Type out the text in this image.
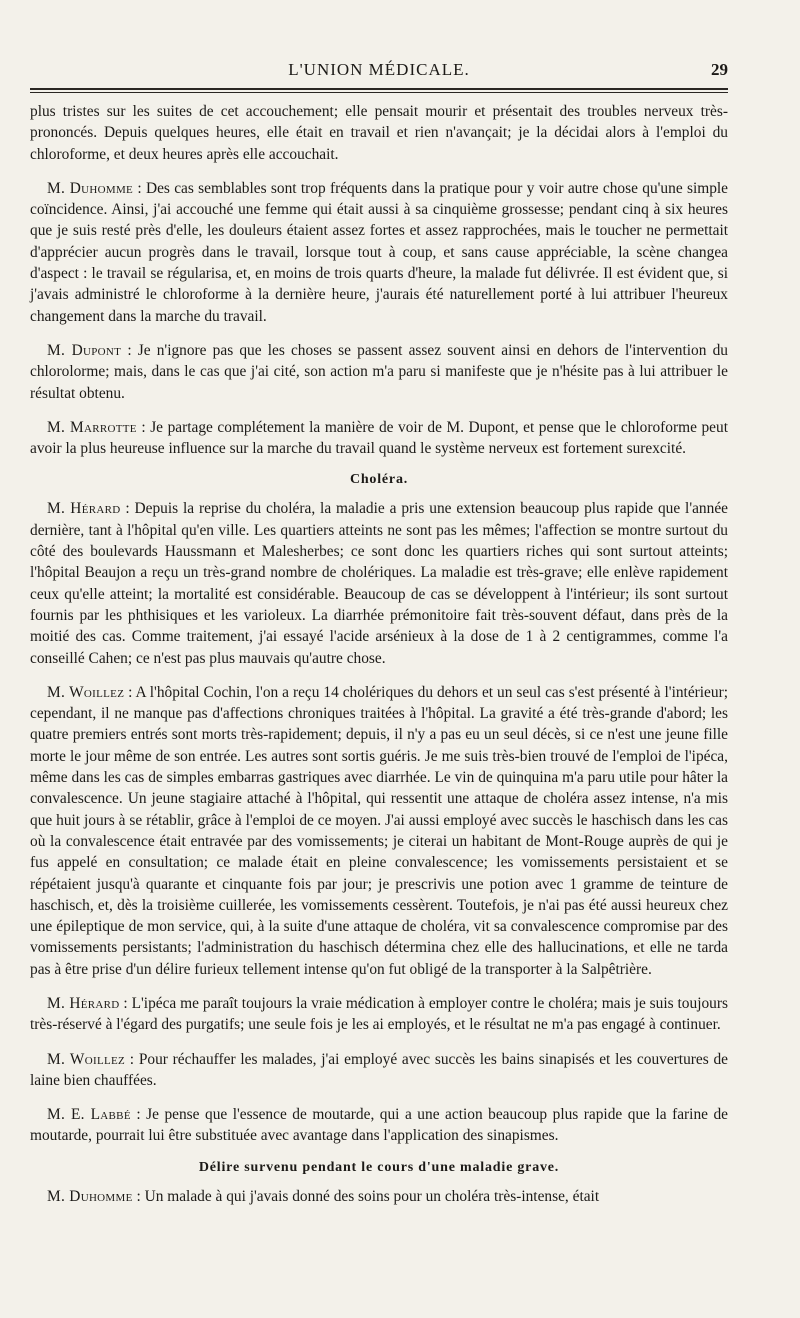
L'UNION MÉDICALE.	29

plus tristes sur les suites de cet accouchement; elle pensait mourir et présentait des troubles nerveux très-prononcés. Depuis quelques heures, elle était en travail et rien n'avançait; je la décidai alors à l'emploi du chloroforme, et deux heures après elle accouchait.

M. Duhomme : Des cas semblables sont trop fréquents dans la pratique pour y voir autre chose qu'une simple coïncidence. Ainsi, j'ai accouché une femme qui était aussi à sa cinquième grossesse; pendant cinq à six heures que je suis resté près d'elle, les douleurs étaient assez fortes et assez rapprochées, mais le toucher ne permettait d'apprécier aucun progrès dans le travail, lorsque tout à coup, et sans cause appréciable, la scène changea d'aspect : le travail se régularisa, et, en moins de trois quarts d'heure, la malade fut délivrée. Il est évident que, si j'avais administré le chloroforme à la dernière heure, j'aurais été naturellement porté à lui attribuer l'heureux changement dans la marche du travail.

M. Dupont : Je n'ignore pas que les choses se passent assez souvent ainsi en dehors de l'intervention du chlorolorme; mais, dans le cas que j'ai cité, son action m'a paru si manifeste que je n'hésite pas à lui attribuer le résultat obtenu.

M. Marrotte : Je partage complétement la manière de voir de M. Dupont, et pense que le chloroforme peut avoir la plus heureuse influence sur la marche du travail quand le système nerveux est fortement surexcité.

Choléra.

M. Hérard : Depuis la reprise du choléra, la maladie a pris une extension beaucoup plus rapide que l'année dernière, tant à l'hôpital qu'en ville. Les quartiers atteints ne sont pas les mêmes; l'affection se montre surtout du côté des boulevards Haussmann et Malesherbes; ce sont donc les quartiers riches qui sont surtout atteints; l'hôpital Beaujon a reçu un très-grand nombre de cholériques. La maladie est très-grave; elle enlève rapidement ceux qu'elle atteint; la mortalité est considérable. Beaucoup de cas se développent à l'intérieur; ils sont surtout fournis par les phthisiques et les varioleux. La diarrhée prémonitoire fait très-souvent défaut, dans près de la moitié des cas. Comme traitement, j'ai essayé l'acide arsénieux à la dose de 1 à 2 centigrammes, comme l'a conseillé Cahen; ce n'est pas plus mauvais qu'autre chose.

M. Woillez : A l'hôpital Cochin, l'on a reçu 14 cholériques du dehors et un seul cas s'est présenté à l'intérieur; cependant, il ne manque pas d'affections chroniques traitées à l'hôpital. La gravité a été très-grande d'abord; les quatre premiers entrés sont morts très-rapidement; depuis, il n'y a pas eu un seul décès, si ce n'est une jeune fille morte le jour même de son entrée. Les autres sont sortis guéris. Je me suis très-bien trouvé de l'emploi de l'ipéca, même dans les cas de simples embarras gastriques avec diarrhée. Le vin de quinquina m'a paru utile pour hâter la convalescence. Un jeune stagiaire attaché à l'hôpital, qui ressentit une attaque de choléra assez intense, n'a mis que huit jours à se rétablir, grâce à l'emploi de ce moyen. J'ai aussi employé avec succès le haschisch dans les cas où la convalescence était entravée par des vomissements; je citerai un habitant de Mont-Rouge auprès de qui je fus appelé en consultation; ce malade était en pleine convalescence; les vomissements persistaient et se répétaient jusqu'à quarante et cinquante fois par jour; je prescrivis une potion avec 1 gramme de teinture de haschisch, et, dès la troisième cuillerée, les vomissements cessèrent. Toutefois, je n'ai pas été aussi heureux chez une épileptique de mon service, qui, à la suite d'une attaque de choléra, vit sa convalescence compromise par des vomissements persistants; l'administration du haschisch détermina chez elle des hallucinations, et elle ne tarda pas à être prise d'un délire furieux tellement intense qu'on fut obligé de la transporter à la Salpêtrière.

M. Hérard : L'ipéca me paraît toujours la vraie médication à employer contre le choléra; mais je suis toujours très-réservé à l'égard des purgatifs; une seule fois je les ai employés, et le résultat ne m'a pas engagé à continuer.

M. Woillez : Pour réchauffer les malades, j'ai employé avec succès les bains sinapisés et les couvertures de laine bien chauffées.

M. E. Labbé : Je pense que l'essence de moutarde, qui a une action beaucoup plus rapide que la farine de moutarde, pourrait lui être substituée avec avantage dans l'application des sinapismes.

Délire survenu pendant le cours d'une maladie grave.

M. Duhomme : Un malade à qui j'avais donné des soins pour un choléra très-intense, était
